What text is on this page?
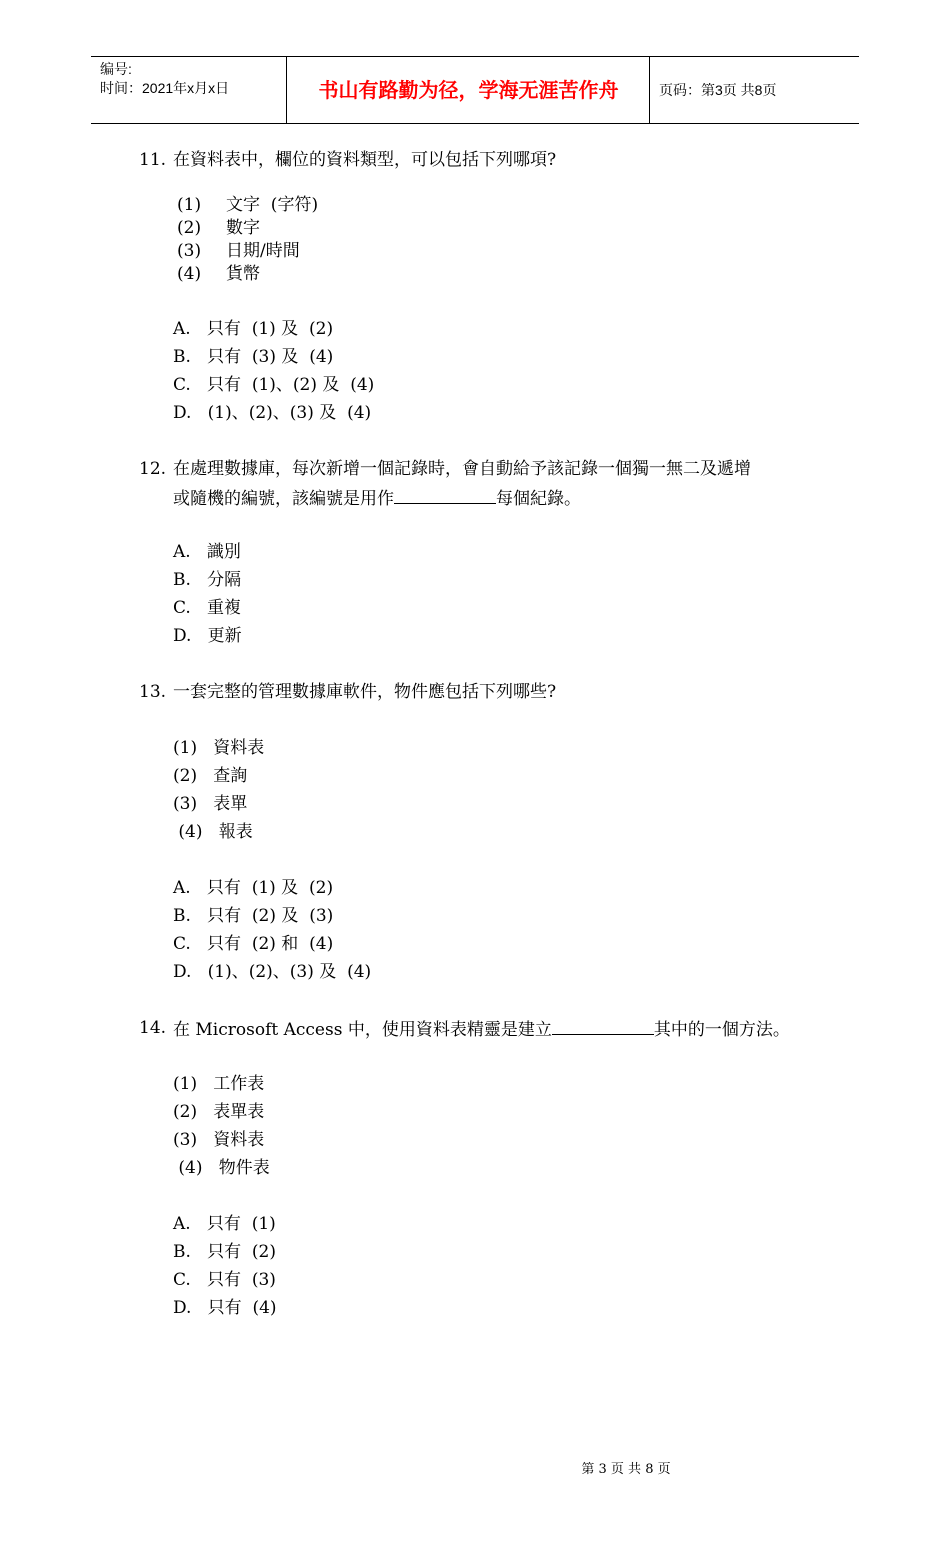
编号:
时间：2021年x月x日	书山有路勤为径，学海无涯苦作舟	页码：第3页 共8页
11. 在資料表中，欄位的資料類型，可以包括下列哪項?
(1) 文字  (字符)
(2) 數字
(3) 日期/時間
(4) 貨幣
A.   只有  (1) 及  (2)
B.   只有  (3) 及  (4)
C.   只有  (1)、(2) 及  (4)
D.   (1)、(2)、(3) 及  (4)
12. 在處理數據庫，每次新增一個記錄時，會自動給予該記錄一個獨一無二及遞增
或隨機的編號，該編號是用作	每個紀錄。
A.   識別
B.   分隔
C.   重複
D.   更新
13. 一套完整的管理數據庫軟件，物件應包括下列哪些?
(1)   資料表
(2)   查詢
(3)   表單
(4)   報表
A.   只有  (1) 及  (2)
B.   只有  (2) 及  (3)
C.   只有  (2) 和  (4)
D.   (1)、(2)、(3) 及  (4)
14. 在 Microsoft Access 中，使用資料表精靈是建立	其中的一個方法。
(1)   工作表
(2)   表單表
(3)   資料表
(4)   物件表
A.   只有  (1)
B.   只有  (2)
C.   只有  (3)
D.   只有  (4)
第 3 页 共 8 页
